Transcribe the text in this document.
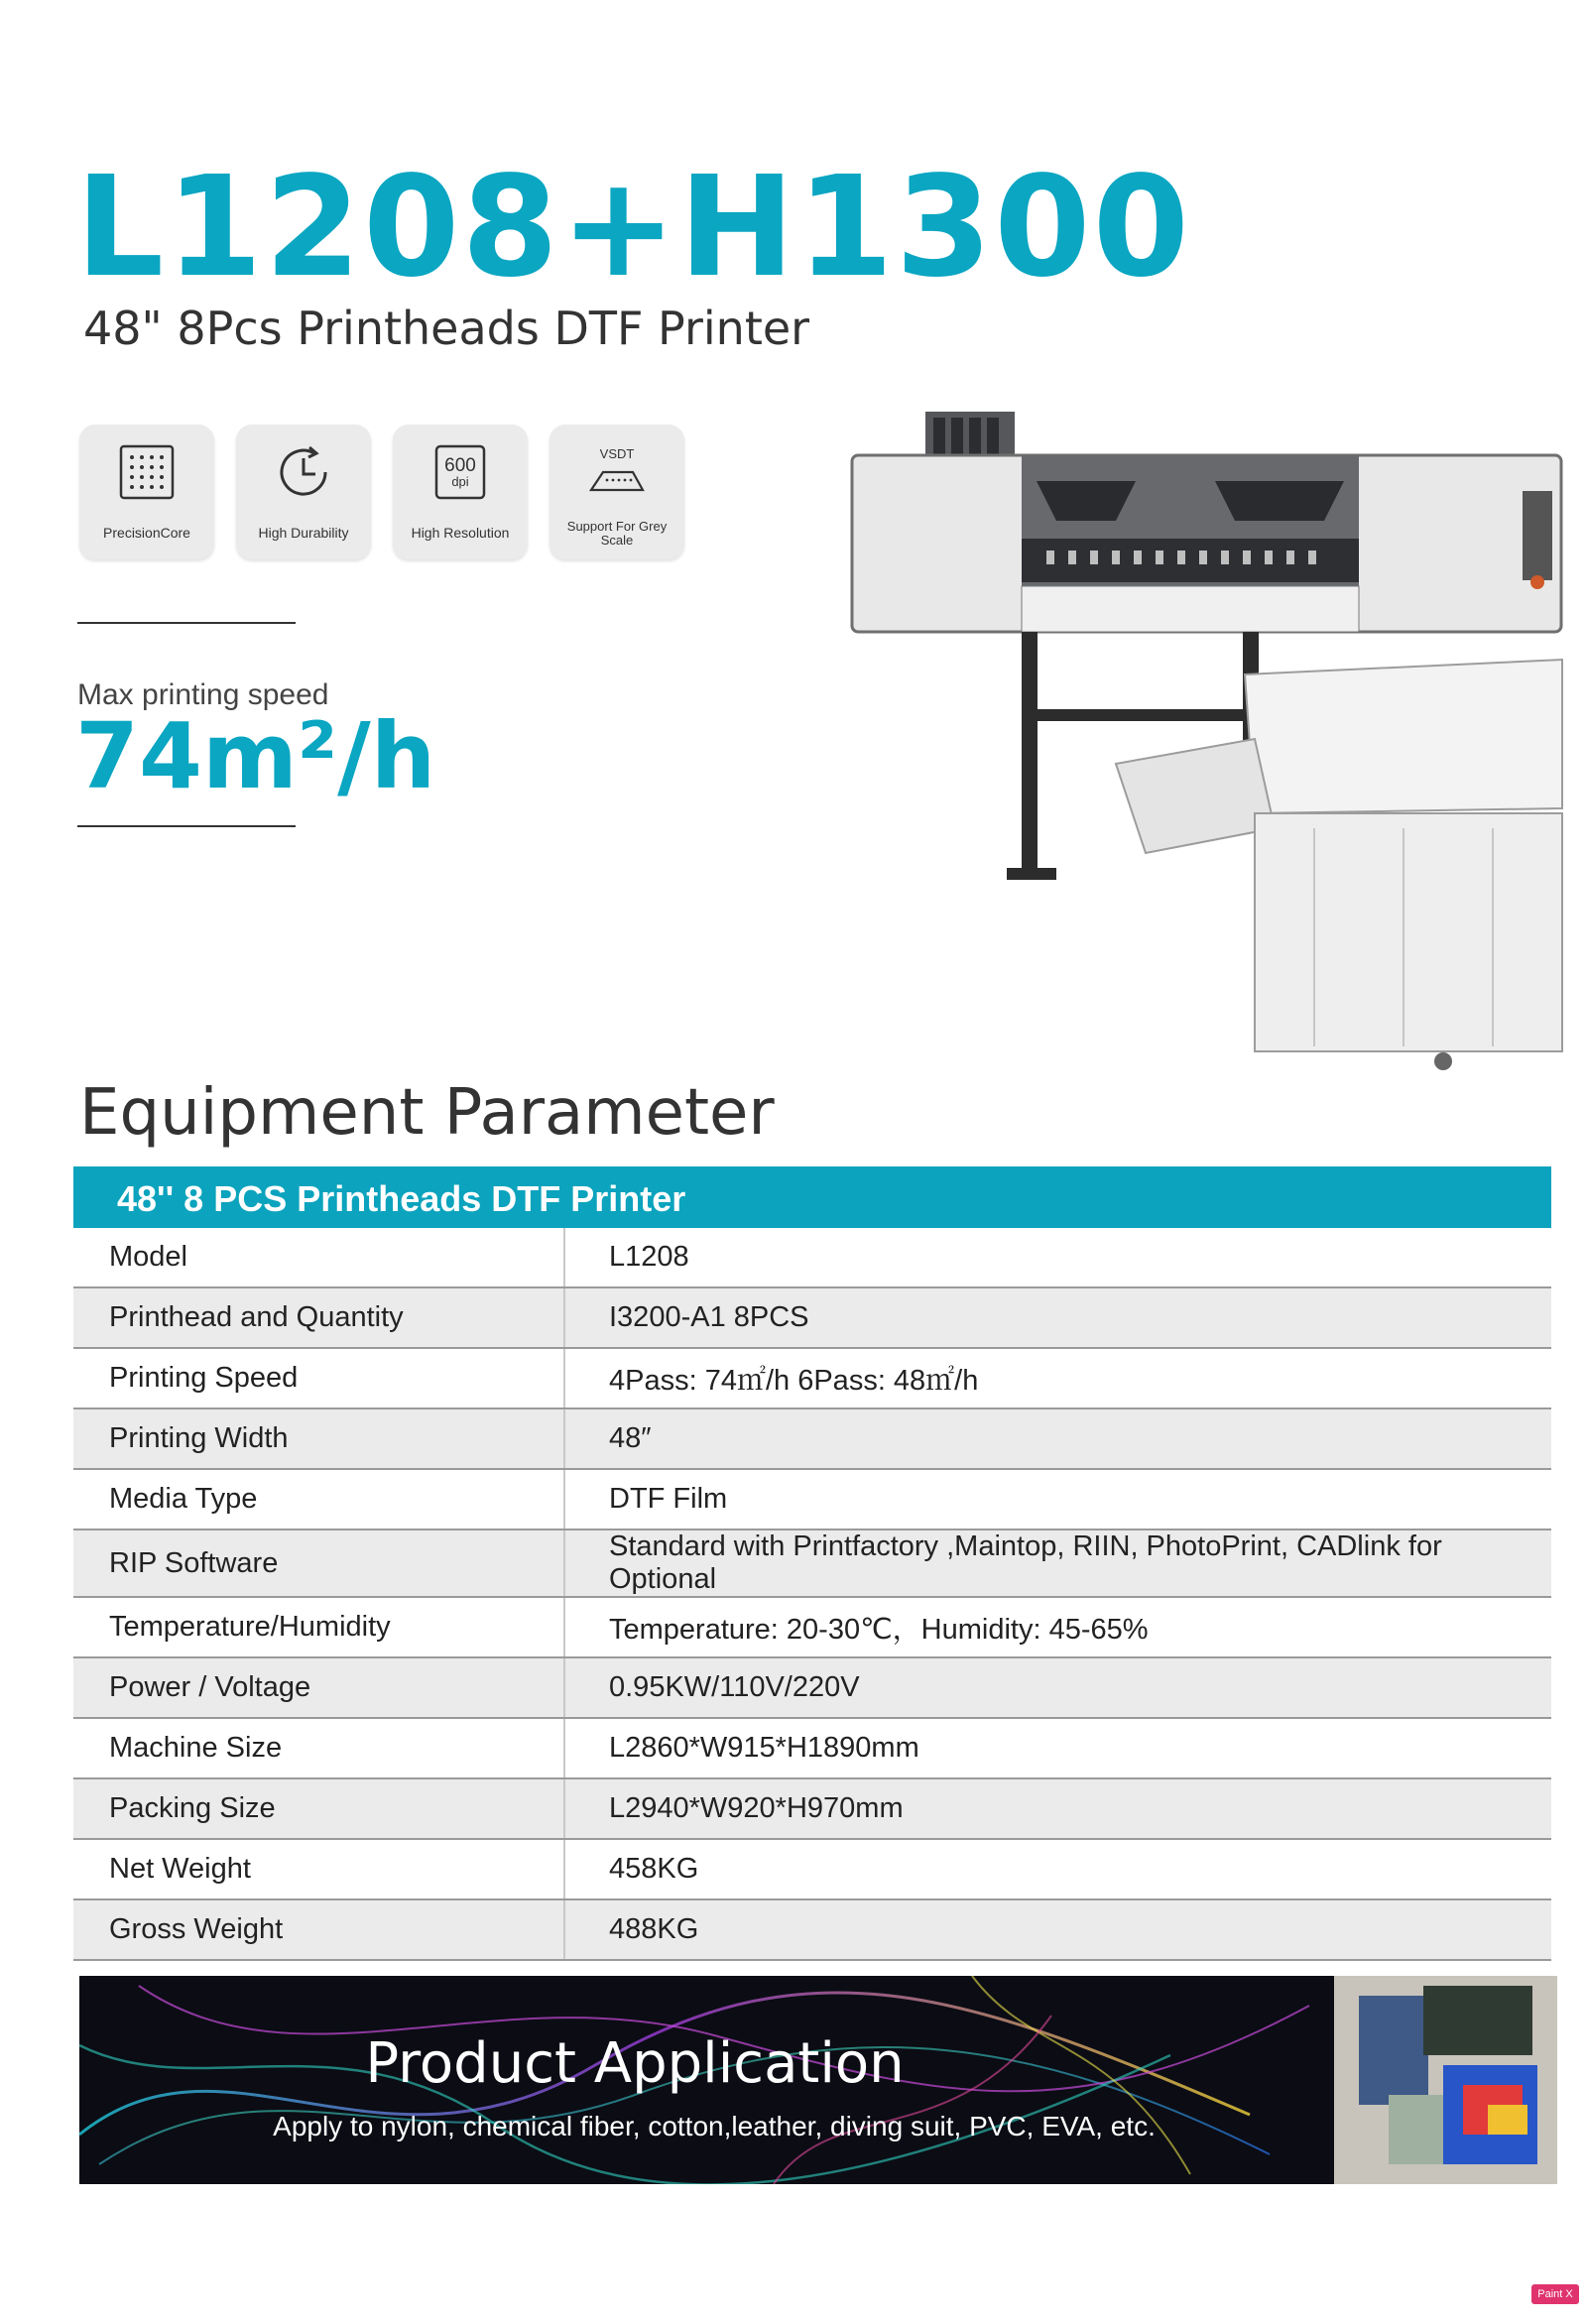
L1208+H1300
48" 8Pcs Printheads DTF Printer
PrecisionCore	High Durability
600
dpi
High Resolution
VSDT
Support For Grey Scale
Max printing speed
74m²/h
Equipment Parameter
48'' 8 PCS Printheads DTF Printer
Model	L1208
Printhead and Quantity	I3200-A1 8PCS
Printing Speed	4Pass: 74㎡/h 6Pass: 48㎡/h
Printing Width	48″
Media Type	DTF Film
RIP Software	Standard with Printfactory ,Maintop, RIIN, PhotoPrint, CADlink for Optional
Temperature/Humidity	Temperature: 20-30℃，Humidity: 45-65%
Power / Voltage	0.95KW/110V/220V
Machine Size	L2860*W915*H1890mm
Packing Size	L2940*W920*H970mm
Net Weight	458KG
Gross Weight	488KG
Product Application
Apply to nylon, chemical fiber, cotton,leather, diving suit, PVC, EVA, etc.
Paint X lite
